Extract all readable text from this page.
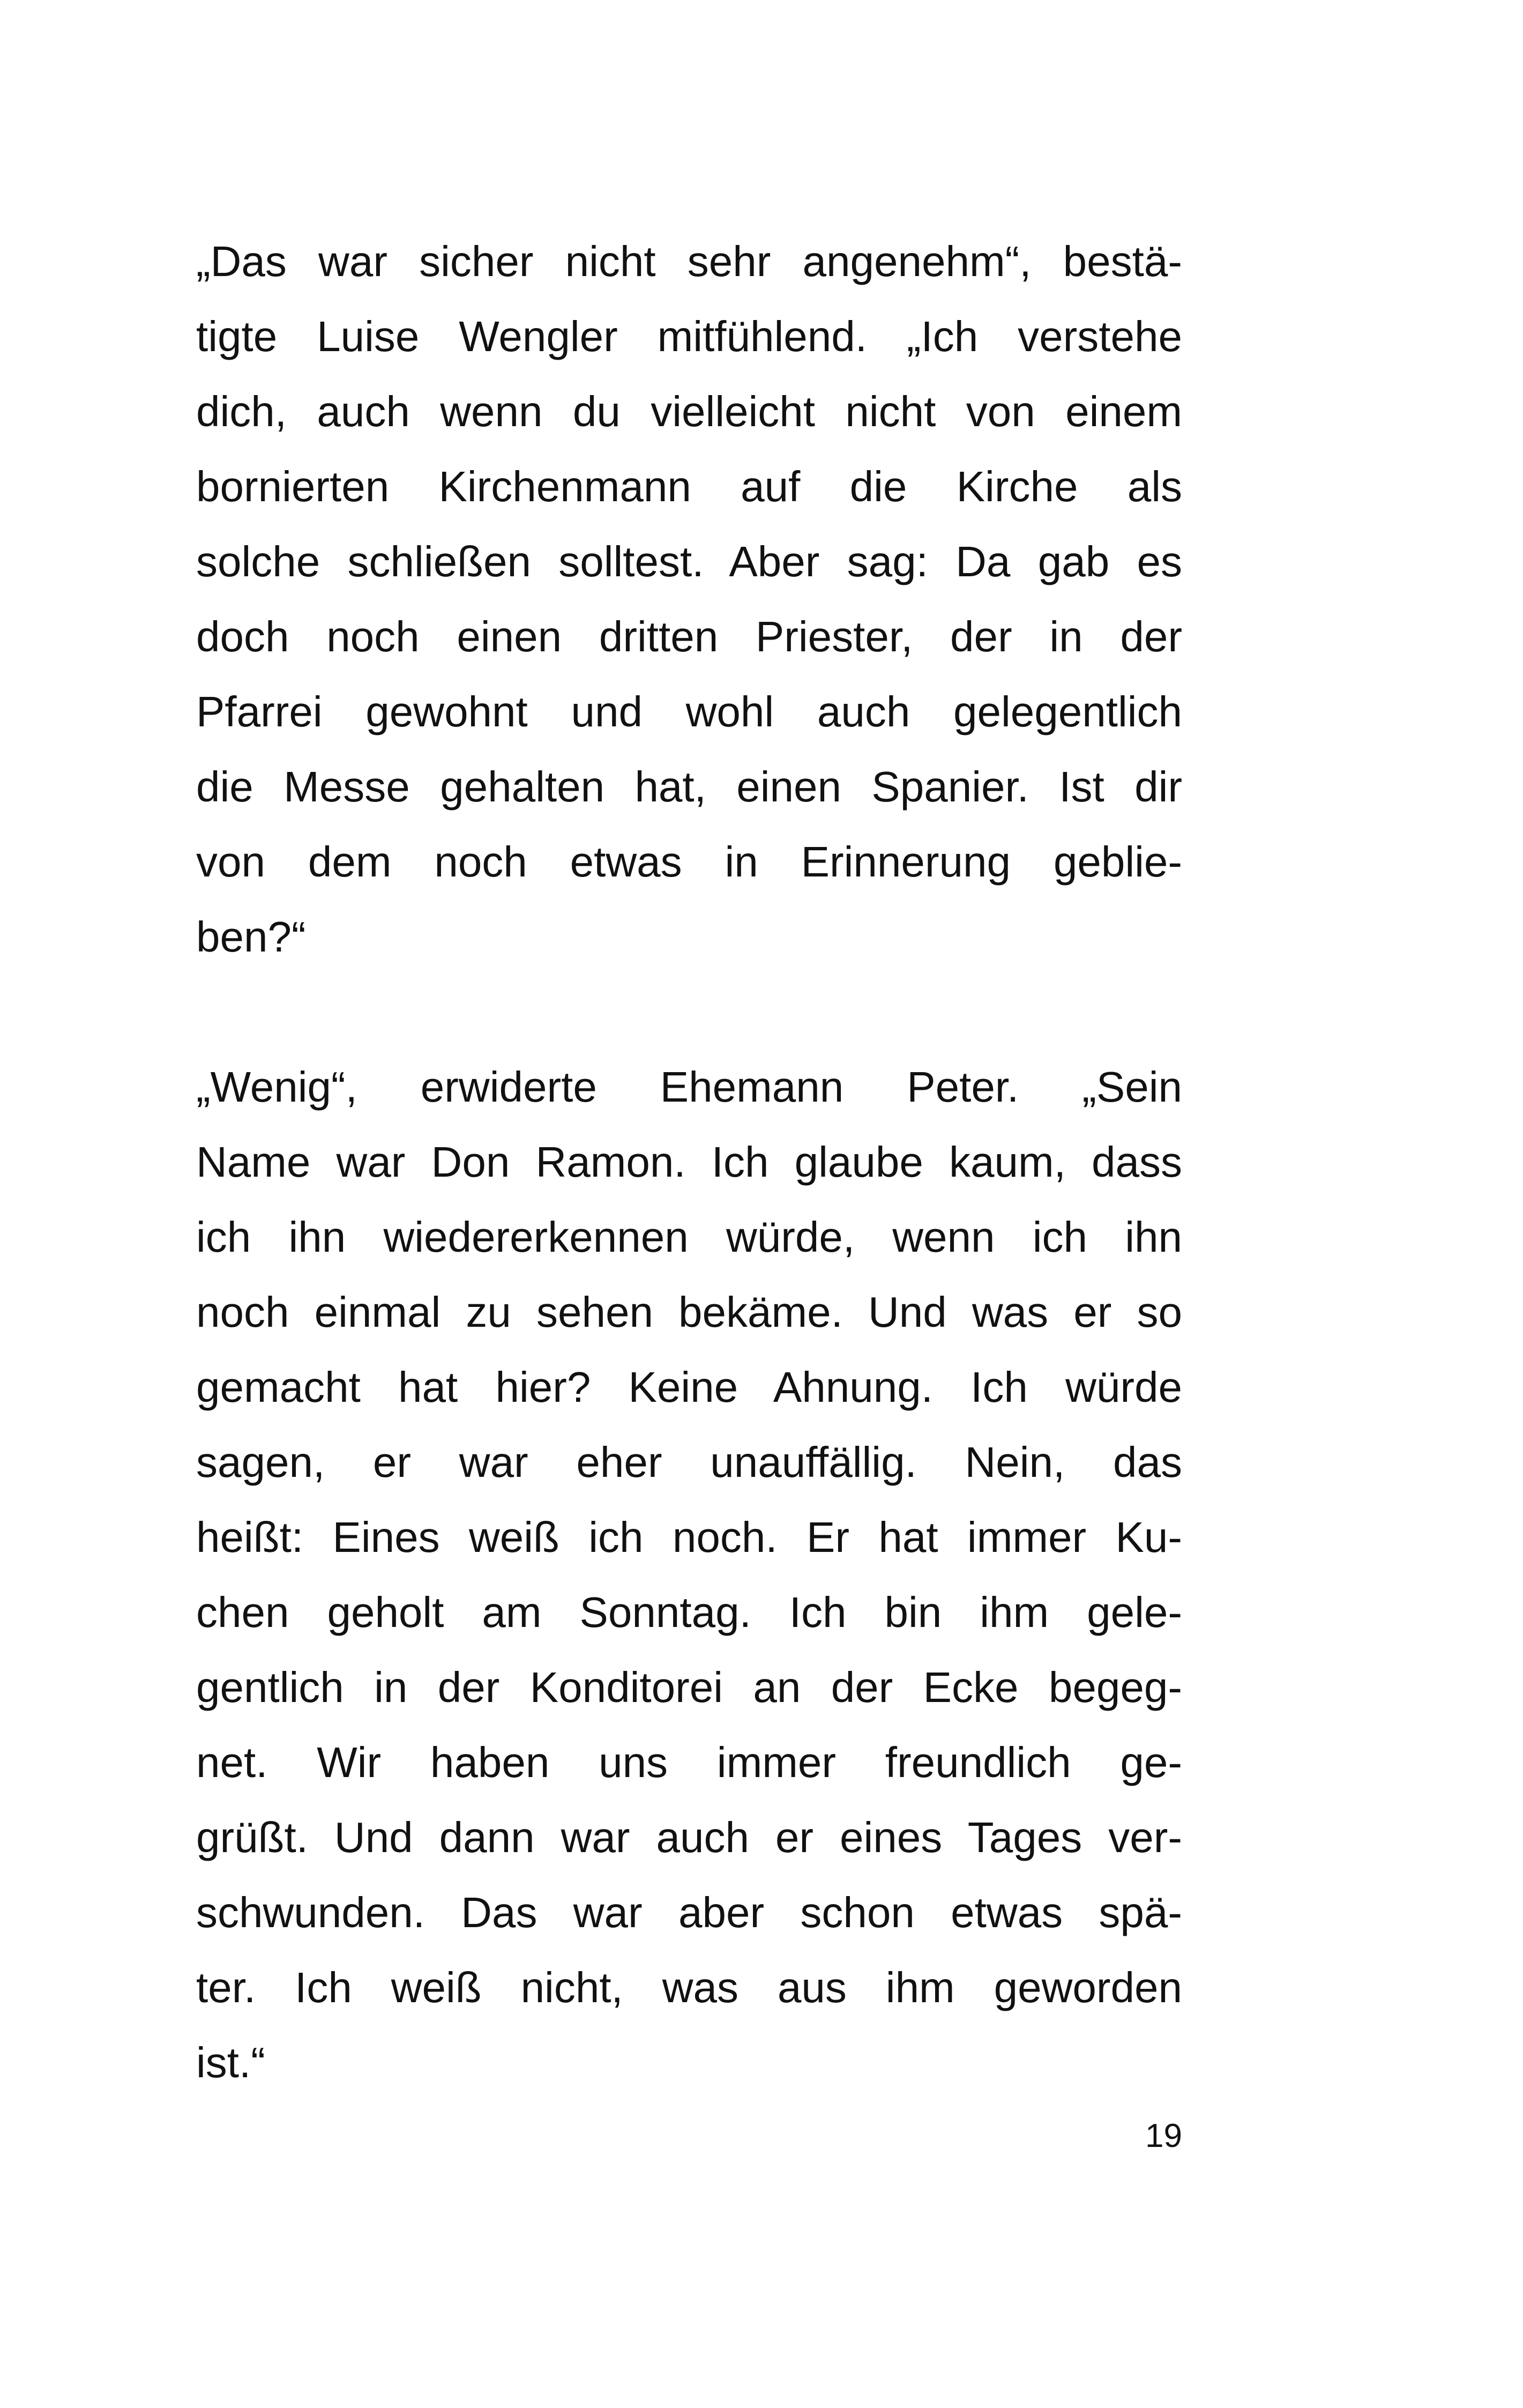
„Das war sicher nicht sehr angenehm“, bestä-
tigte Luise Wengler mitfühlend. „Ich verstehe
dich, auch wenn du vielleicht nicht von einem
bornierten Kirchenmann auf die Kirche als
solche schließen solltest. Aber sag: Da gab es
doch noch einen dritten Priester, der in der
Pfarrei gewohnt und wohl auch gelegentlich
die Messe gehalten hat, einen Spanier. Ist dir
von dem noch etwas in Erinnerung geblie-
ben?“
„Wenig“, erwiderte Ehemann Peter. „Sein
Name war Don Ramon. Ich glaube kaum, dass
ich ihn wiedererkennen würde, wenn ich ihn
noch einmal zu sehen bekäme. Und was er so
gemacht hat hier? Keine Ahnung. Ich würde
sagen, er war eher unauffällig. Nein, das
heißt: Eines weiß ich noch. Er hat immer Ku-
chen geholt am Sonntag. Ich bin ihm gele-
gentlich in der Konditorei an der Ecke begeg-
net. Wir haben uns immer freundlich ge-
grüßt. Und dann war auch er eines Tages ver-
schwunden. Das war aber schon etwas spä-
ter. Ich weiß nicht, was aus ihm geworden
ist.“
19
